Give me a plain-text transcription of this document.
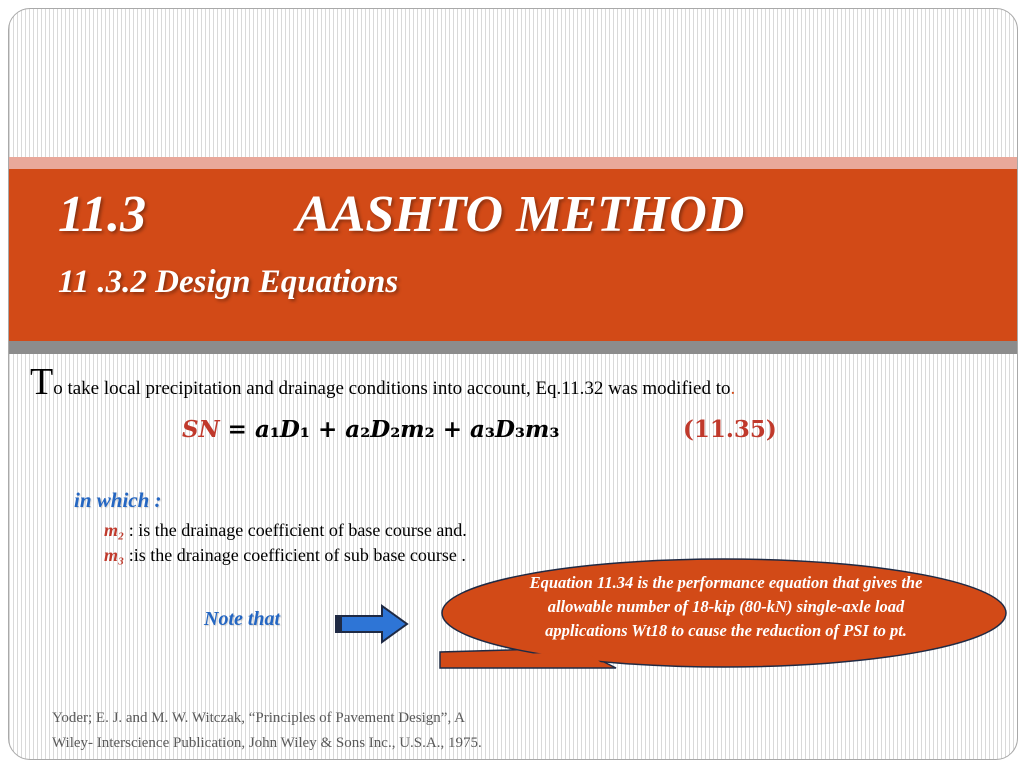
11.3	AASHTO METHOD
11 .3.2 Design Equations
To take local precipitation and drainage conditions into account, Eq.11.32 was modified to.
SN = a₁D₁ + a₂D₂m₂ + a₃D₃m₃	(11.35)
in which :
m₂ : is the drainage coefficient of base course and.
m₃ :is the drainage coefficient of sub base course .
Note that
Equation 11.34 is the performance equation that gives the allowable number of 18-kip (80-kN) single-axle load applications Wt18 to cause the reduction of PSI to pt.
Yoder; E. J. and M. W. Witczak, “Principles of Pavement Design”, A
Wiley- Interscience Publication, John Wiley & Sons Inc., U.S.A., 1975.
